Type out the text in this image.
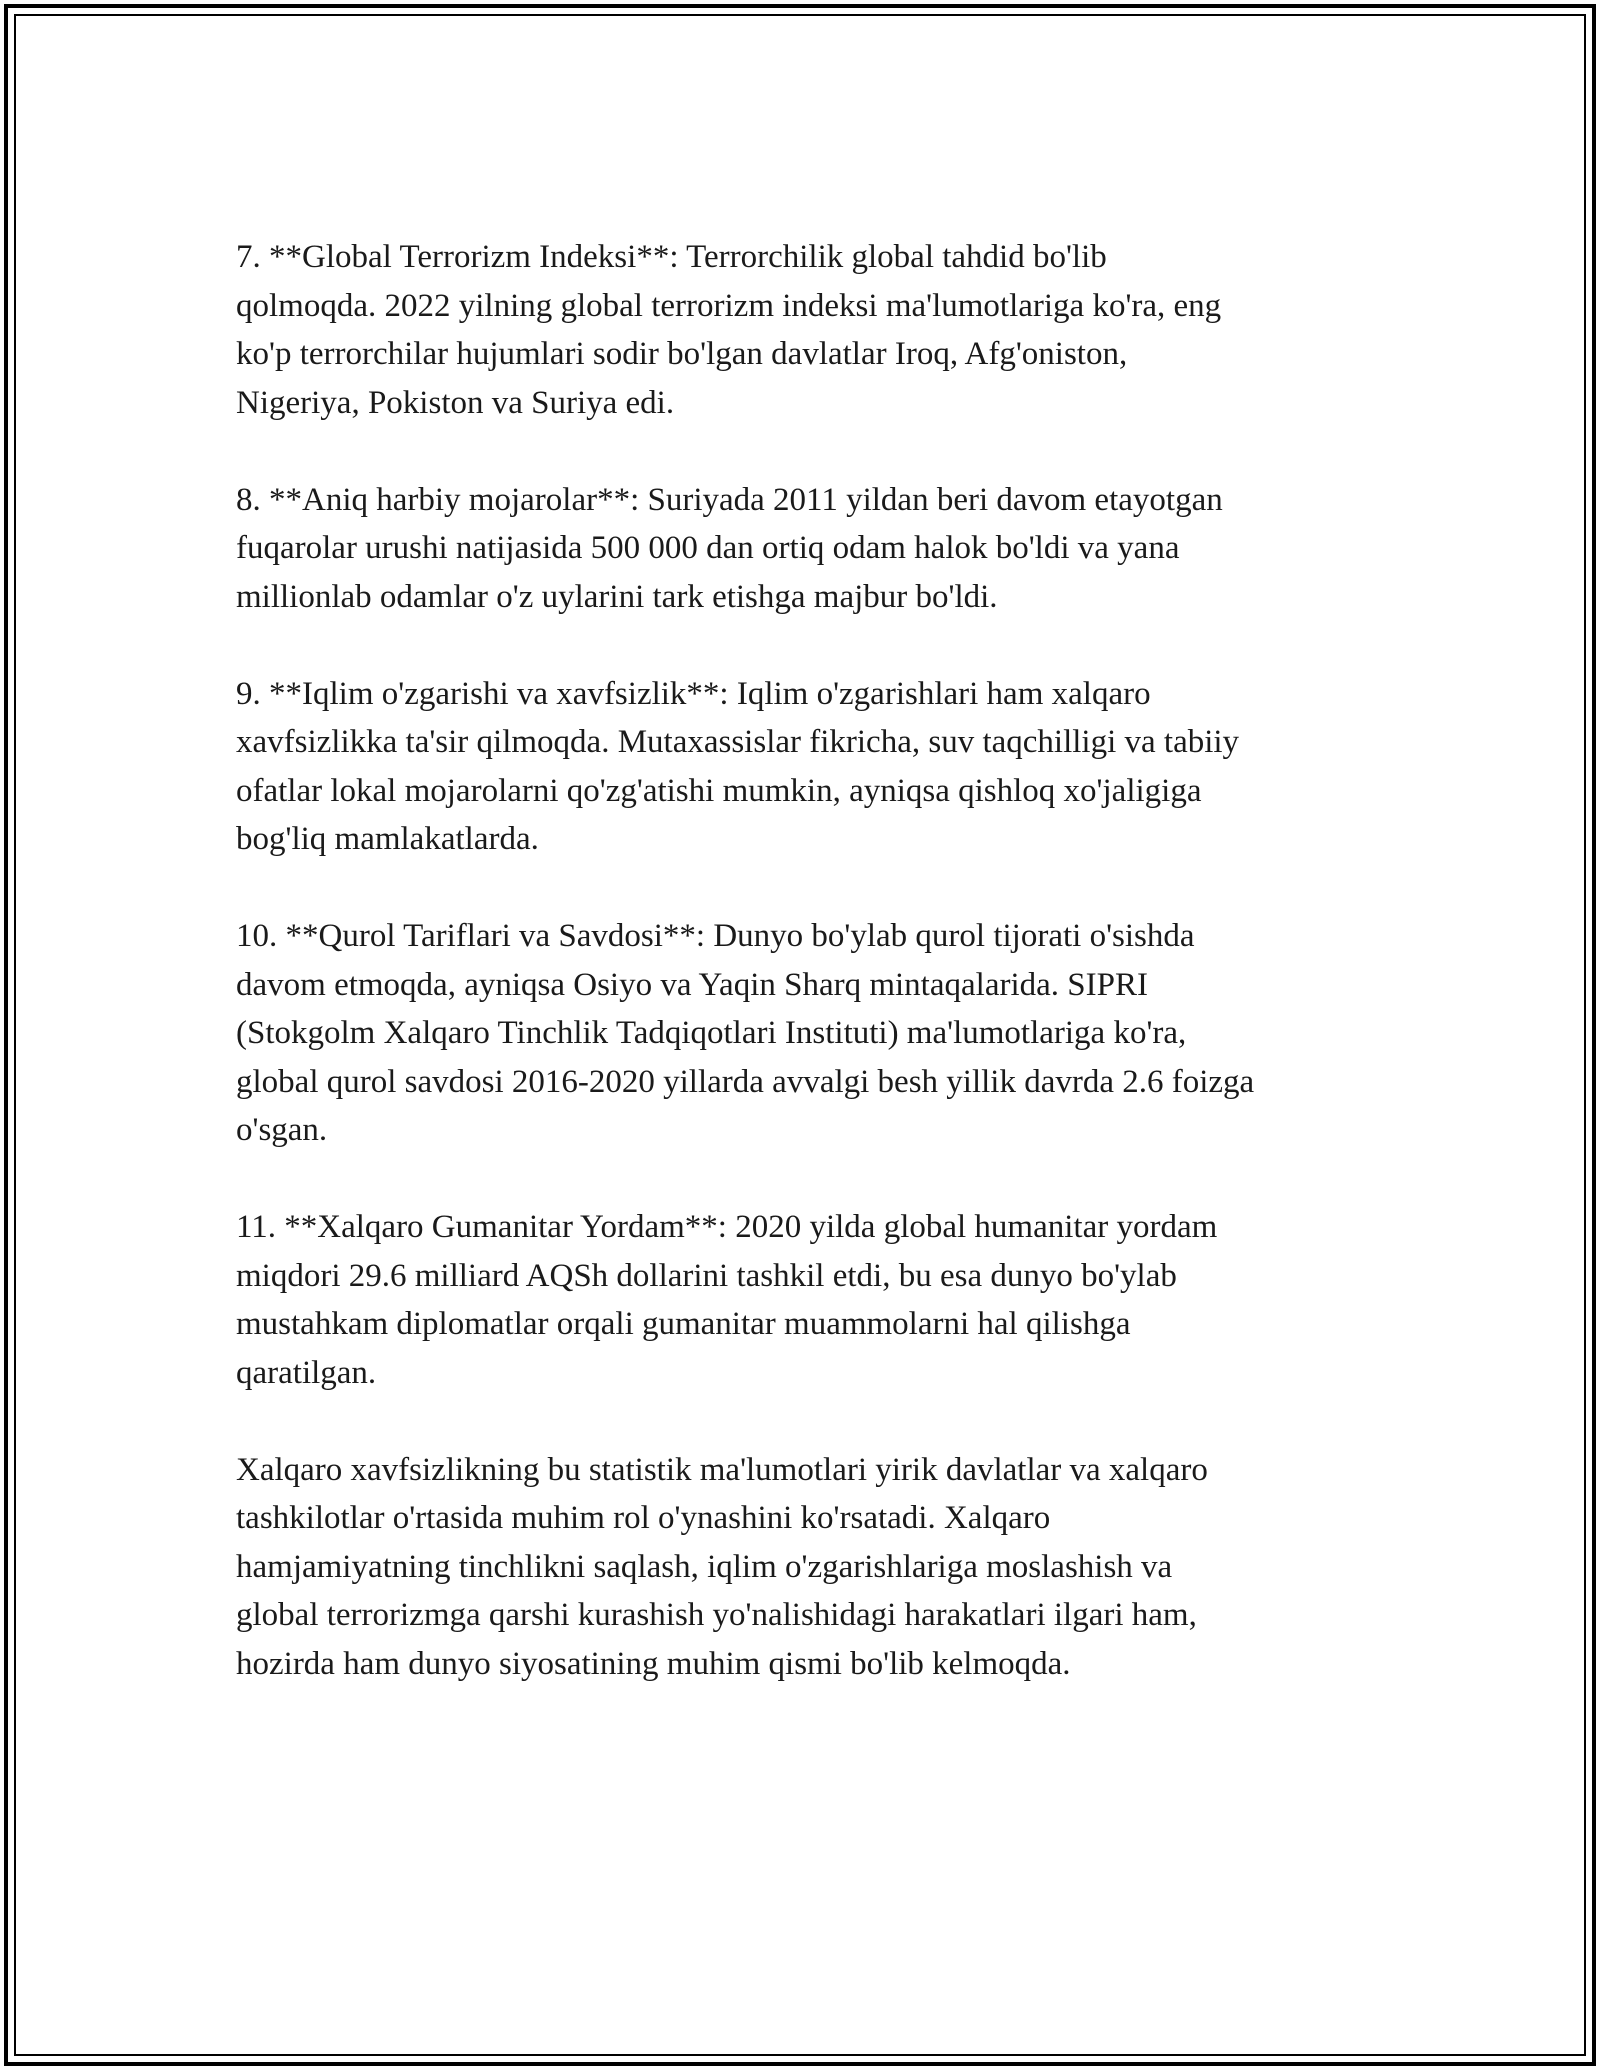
7. **Global Terrorizm Indeksi**: Terrorchilik global tahdid bo'lib
qolmoqda. 2022 yilning global terrorizm indeksi ma'lumotlariga ko'ra, eng
ko'p terrorchilar hujumlari sodir bo'lgan davlatlar Iroq, Afg'oniston,
Nigeriya, Pokiston va Suriya edi.

8. **Aniq harbiy mojarolar**: Suriyada 2011 yildan beri davom etayotgan
fuqarolar urushi natijasida 500 000 dan ortiq odam halok bo'ldi va yana
millionlab odamlar o'z uylarini tark etishga majbur bo'ldi.

9. **Iqlim o'zgarishi va xavfsizlik**: Iqlim o'zgarishlari ham xalqaro
xavfsizlikka ta'sir qilmoqda. Mutaxassislar fikricha, suv taqchilligi va tabiiy
ofatlar lokal mojarolarni qo'zg'atishi mumkin, ayniqsa qishloq xo'jaligiga
bog'liq mamlakatlarda.

10. **Qurol Tariflari va Savdosi**: Dunyo bo'ylab qurol tijorati o'sishda
davom etmoqda, ayniqsa Osiyo va Yaqin Sharq mintaqalarida. SIPRI
(Stokgolm Xalqaro Tinchlik Tadqiqotlari Instituti) ma'lumotlariga ko'ra,
global qurol savdosi 2016-2020 yillarda avvalgi besh yillik davrda 2.6 foizga
o'sgan.

11. **Xalqaro Gumanitar Yordam**: 2020 yilda global humanitar yordam
miqdori 29.6 milliard AQSh dollarini tashkil etdi, bu esa dunyo bo'ylab
mustahkam diplomatlar orqali gumanitar muammolarni hal qilishga
qaratilgan.

Xalqaro xavfsizlikning bu statistik ma'lumotlari yirik davlatlar va xalqaro
tashkilotlar o'rtasida muhim rol o'ynashini ko'rsatadi. Xalqaro
hamjamiyatning tinchlikni saqlash, iqlim o'zgarishlariga moslashish va
global terrorizmga qarshi kurashish yo'nalishidagi harakatlari ilgari ham,
hozirda ham dunyo siyosatining muhim qismi bo'lib kelmoqda.
